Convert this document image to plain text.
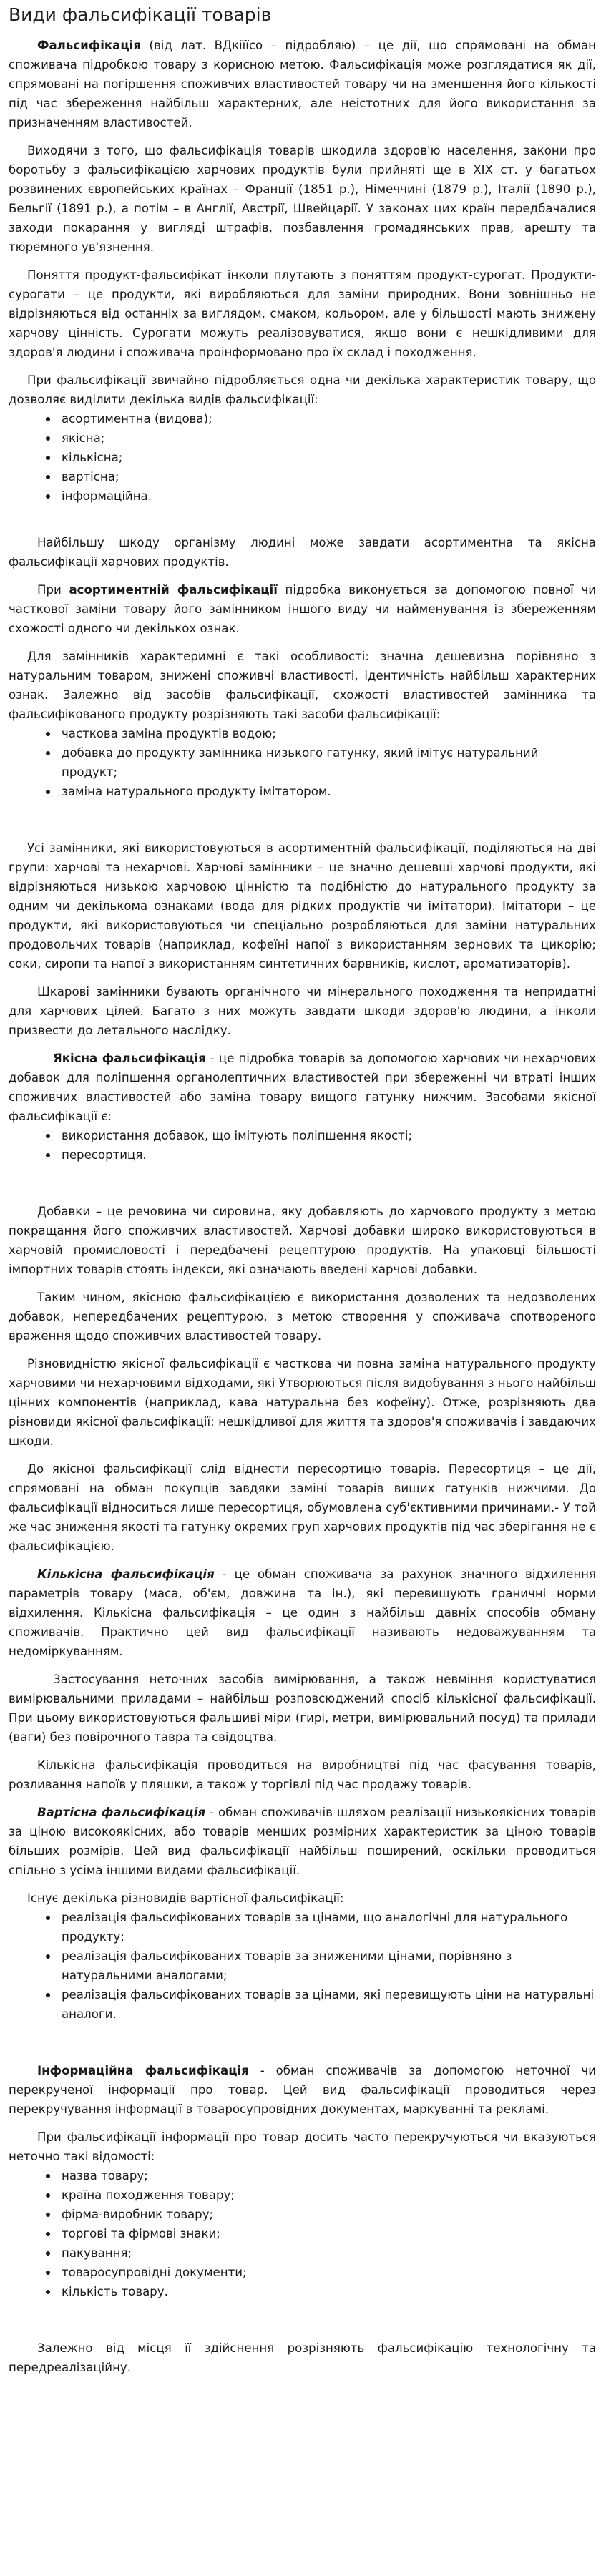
Види фальсифікації товарів

Фальсифікація (від лат. ВДкіїїсо – підробляю) – це дії, що спрямовані на обман споживача підробкою товару з корисною метою. Фальсифікація може розглядатися як дії, спрямовані на погіршення споживчих властивостей товару чи на зменшення його кількості під час збереження найбільш характерних, але неістотних для його використання за призначенням властивостей.

Виходячи з того, що фальсифікація товарів шкодила здоров'ю населення, закони про боротьбу з фальсифікацією харчових продуктів були прийняті ще в ХІХ ст. у багатьох розвинених європейських країнах – Франції (1851 р.), Німеччині (1879 р.), Італії (1890 р.), Бельгії (1891 р.), а потім – в Англії, Австрії, Швейцарії. У законах цих країн передбачалися заходи покарання у вигляді штрафів, позбавлення громадянських прав, арешту та тюремного ув'язнення.

Поняття продукт-фальсифікат інколи плутають з поняттям продукт-сурогат. Продукти-сурогати – це продукти, які виробляються для заміни природних. Вони зовнішньо не відрізняються від останніх за виглядом, смаком, кольором, але у більшості мають знижену харчову цінність. Сурогати можуть реалізовуватися, якщо вони є нешкідливими для здоров'я людини і споживача проінформовано про їх склад і походження.

При фальсифікації звичайно підробляється одна чи декілька характеристик товару, що дозволяє виділити декілька видів фальсифікації:

асортиментна (видова);
якісна;
кількісна;
вартісна;
інформаційна.

Найбільшу шкоду організму людині може завдати асортиментна та якісна фальсифікації харчових продуктів.

При асортиментній фальсифікації підробка виконується за допомогою повної чи часткової заміни товару його замінником іншого виду чи найменування із збереженням схожості одного чи декількох ознак.

Для замінників характеримні є такі особливості: значна дешевизна порівняно з натуральним товаром, знижені споживчі властивості, ідентичність найбільш характерних ознак. Залежно від засобів фальсифікації, схожості властивостей замінника та фальсифікованого продукту розрізняють такі засоби фальсифікації:

часткова заміна продуктів водою;
добавка до продукту замінника низького гатунку, який імітує натуральний продукт;
заміна натурального продукту імітатором.

Усі замінники, які використовуються в асортиментній фальсифікації, поділяються на дві групи: харчові та нехарчові. Харчові замінники – це значно дешевші харчові продукти, які відрізняються низькою харчовою цінністю та подібністю до натурального продукту за одним чи декількома ознаками (вода для рідких продуктів чи імітатори). Імітатори – це продукти, які використовуються чи спеціально розробляються для заміни натуральних продовольчих товарів (наприклад, кофеїні напої з використанням зернових та цикорію; соки, сиропи та напої з використанням синтетичних барвників, кислот, ароматизаторів).

Шкарові замінники бувають органічного чи мінерального походження та непридатні для харчових цілей. Багато з них можуть завдати шкоди здоров'ю людини, а інколи призвести до летального наслідку.

Якісна фальсифікація - це підробка товарів за допомогою харчових чи нехарчових добавок для поліпшення органолептичних властивостей при збереженні чи втраті інших споживчих властивостей або заміна товару вищого гатунку нижчим. Засобами якісної фальсифікації є:

використання добавок, що імітують поліпшення якості;
пересортиця.

Добавки – це речовина чи сировина, яку добавляють до харчового продукту з метою покращання його споживчих властивостей. Харчові добавки широко використовуються в харчовій промисловості і передбачені рецептурою продуктів. На упаковці більшості імпортних товарів стоять індекси, які означають введені харчові добавки.

Таким чином, якісною фальсифікацією є використання дозволених та недозволених добавок, непередбачених рецептурою, з метою створення у споживача спотвореного враження щодо споживчих властивостей товару.

Різновидністю якісної фальсифікації є часткова чи повна заміна натурального продукту харчовими чи нехарчовими відходами, які Утворюються після видобування з нього найбільш цінних компонентів (наприклад, кава натуральна без кофеїну). Отже, розрізняють два різновиди якісної фальсифікації: нешкідливої для життя та здоров'я споживачів і завдаючих шкоди.

До якісної фальсифікації слід віднести пересортицю товарів. Пересортиця – це дії, спрямовані на обман покупців завдяки заміні товарів вищих гатунків нижчими. До фальсифікації відноситься лише пересортиця, обумовлена суб'єктивними причинами.- У той же час зниження якості та гатунку окремих груп харчових продуктів під час зберігання не є фальсифікацією.

Кількісна фальсифікація - це обман споживача за рахунок значного відхилення параметрів товару (маса, об'єм, довжина та ін.), які перевищують граничні норми відхилення. Кількісна фальсифікація – це один з найбільш давніх способів обману споживачів. Практично цей вид фальсифікації називають недоважуванням та недоміркуванням.

Застосування неточних засобів вимірювання, а також невміння користуватися вимірювальними приладами – найбільш розповсюджений спосіб кількісної фальсифікації. При цьому використовуються фальшиві міри (гирі, метри, вимірювальний посуд) та прилади (ваги) без повірочного тавра та свідоцтва.

Кількісна фальсифікація проводиться на виробництві під час фасування товарів, розливання напоїв у пляшки, а також у торгівлі під час продажу товарів.

Вартісна фальсифікація - обман споживачів шляхом реалізації низькоякісних товарів за ціною високоякісних, або товарів менших розмірних характеристик за ціною товарів більших розмірів. Цей вид фальсифікації найбільш поширений, оскільки проводиться спільно з усіма іншими видами фальсифікації.

Існує декілька різновидів вартісної фальсифікації:

реалізація фальсифікованих товарів за цінами, що аналогічні для натурального продукту;
реалізація фальсифікованих товарів за зниженими цінами, порівняно з натуральними аналогами;
реалізація фальсифікованих товарів за цінами, які перевищують ціни на натуральні аналоги.

Інформаційна фальсифікація - обман споживачів за допомогою неточної чи перекрученої інформації про товар. Цей вид фальсифікації проводиться через перекручування інформації в товаросупровідних документах, маркуванні та рекламі.

При фальсифікації інформації про товар досить часто перекручуються чи вказуються неточно такі відомості:

назва товару;
країна походження товару;
фірма-виробник товару;
торгові та фірмові знаки;
пакування;
товаросупровідні документи;
кількість товару.

Залежно від місця її здійснення розрізняють фальсифікацію технологічну та передреалізаційну.
